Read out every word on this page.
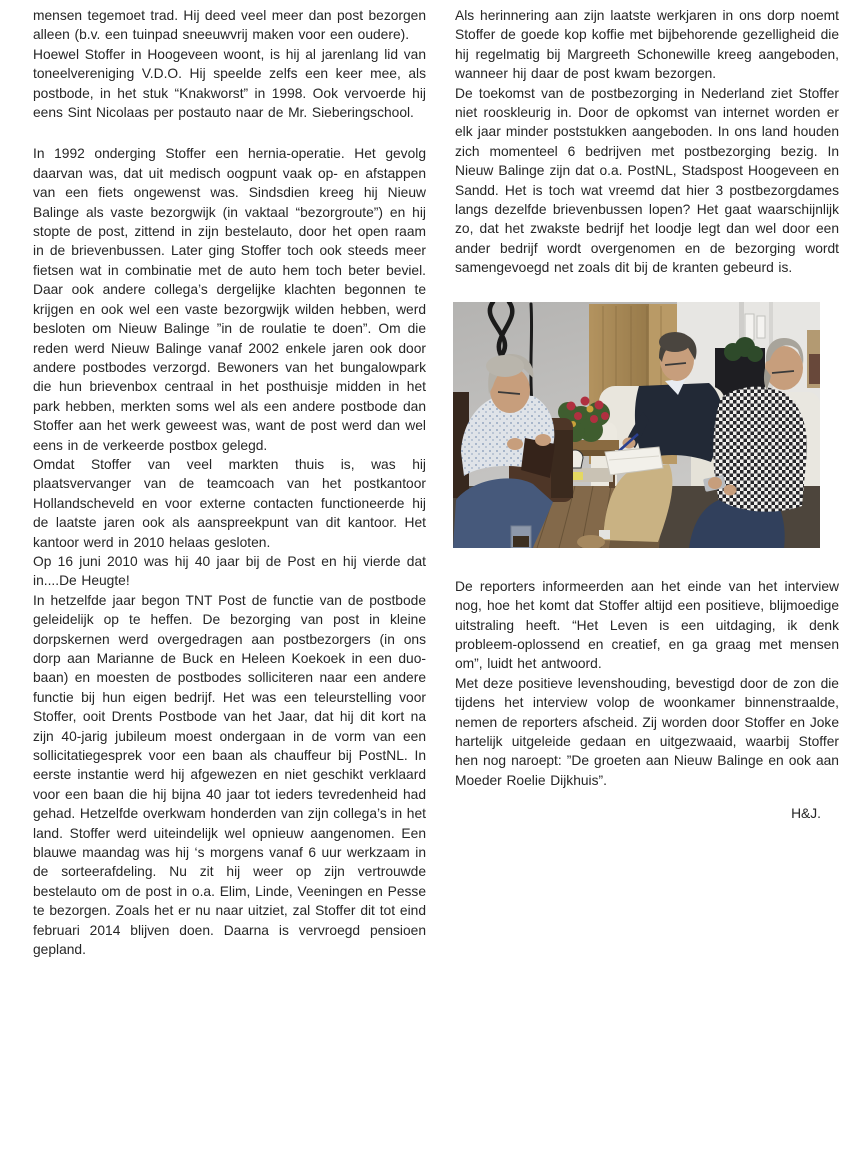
mensen tegemoet trad. Hij deed veel meer dan post bezorgen alleen (b.v. een tuinpad sneeuwvrij maken voor een oudere).

Hoewel Stoffer in Hoogeveen woont, is hij al jarenlang lid van toneelvereniging V.D.O. Hij speelde zelfs een keer mee, als postbode, in het stuk “Knakworst” in 1998. Ook vervoerde hij eens Sint Nicolaas per postauto naar de Mr. Sieberingschool.

In 1992 onderging Stoffer een hernia-operatie. Het gevolg daarvan was, dat uit medisch oogpunt vaak op- en afstappen van een fiets ongewenst was. Sindsdien kreeg hij Nieuw Balinge als vaste bezorgwijk (in vaktaal “bezorgroute”) en hij stopte de post, zittend in zijn bestelauto, door het open raam in de brievenbussen. Later ging Stoffer toch ook steeds meer fietsen wat in combinatie met de auto hem toch beter beviel. Daar ook andere collega’s dergelijke klachten begonnen te krijgen en ook wel een vaste bezorgwijk wilden hebben, werd besloten om Nieuw Balinge ”in de roulatie te doen”. Om die reden werd Nieuw Balinge vanaf 2002 enkele jaren ook door andere postbodes verzorgd. Bewoners van het bungalowpark die hun brievenbox centraal in het posthuisje midden in het park hebben, merkten soms wel als een andere postbode dan Stoffer aan het werk geweest was, want de post werd dan wel eens in de verkeerde postbox gelegd.

Omdat Stoffer van veel markten thuis is, was hij plaatsvervanger van de teamcoach van het postkantoor Hollandscheveld en voor externe contacten functioneerde hij de laatste jaren ook als aanspreekpunt van dit kantoor. Het kantoor werd in 2010 helaas gesloten.

Op 16 juni 2010 was hij 40 jaar bij de Post en hij vierde dat in....De Heugte!

In hetzelfde jaar begon TNT Post de functie van de postbode geleidelijk op te heffen. De bezorging van post in kleine dorpskernen werd overgedragen aan postbezorgers (in ons dorp aan Marianne de Buck en Heleen Koekoek in een duo-baan) en moesten de postbodes solliciteren naar een andere functie bij hun eigen bedrijf. Het was een teleurstelling voor Stoffer, ooit Drents Postbode van het Jaar, dat hij dit kort na zijn 40-jarig jubileum moest ondergaan in de vorm van een sollicitatiegesprek voor een baan als chauffeur bij PostNL. In eerste instantie werd hij afgewezen en niet geschikt verklaard voor een baan die hij bijna 40 jaar tot ieders tevredenheid had gehad. Hetzelfde overkwam honderden van zijn collega’s in het land. Stoffer werd uiteindelijk wel opnieuw aangenomen. Een blauwe maandag was hij ‘s morgens vanaf 6 uur werkzaam in de sorteerafdeling. Nu zit hij weer op zijn vertrouwde bestelauto om de post in o.a. Elim, Linde, Veeningen en Pesse te bezorgen. Zoals het er nu naar uitziet, zal Stoffer dit tot eind februari 2014 blijven doen. Daarna is vervroegd pensioen gepland.

Als herinnering aan zijn laatste werkjaren in ons dorp noemt Stoffer de goede kop koffie met bijbehorende gezelligheid die hij regelmatig bij Margreeth Schonewille kreeg aangeboden, wanneer hij daar de post kwam bezorgen.

De toekomst van de postbezorging in Nederland ziet Stoffer niet rooskleurig in. Door de opkomst van internet worden er elk jaar minder poststukken aangeboden. In ons land houden zich momenteel 6 bedrijven met postbezorging bezig. In Nieuw Balinge zijn dat o.a. PostNL, Stadspost Hoogeveen en Sandd. Het is toch wat vreemd dat hier 3 postbezorgdames langs dezelfde brievenbussen lopen? Het gaat waarschijnlijk zo, dat het zwakste bedrijf het loodje legt dan wel door een ander bedrijf wordt overgenomen en de bezorging wordt samengevoegd net zoals dit bij de kranten gebeurd is.

De reporters informeerden aan het einde van het interview nog, hoe het komt dat Stoffer altijd een positieve, blijmoedige uitstraling heeft. “Het Leven is een uitdaging, ik denk probleem-oplossend en creatief, en ga graag met mensen om”, luidt het antwoord.

Met deze positieve levenshouding, bevestigd door de zon die tijdens het interview volop de woonkamer binnenstraalde, nemen de reporters afscheid. Zij worden door Stoffer en Joke hartelijk uitgeleide gedaan en uitgezwaaid, waarbij Stoffer hen nog naroept: ”De groeten aan Nieuw Balinge en ook aan Moeder Roelie Dijkhuis”.

H&J.
